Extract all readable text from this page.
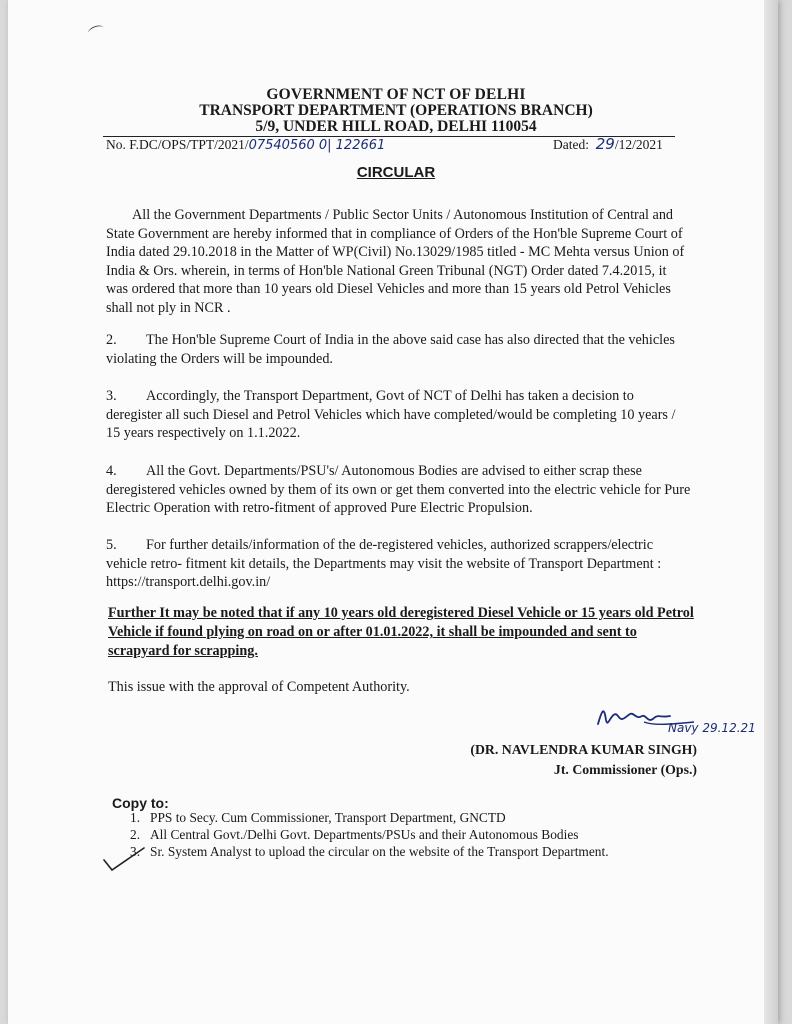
GOVERNMENT OF NCT OF DELHI
TRANSPORT DEPARTMENT (OPERATIONS BRANCH)
5/9, UNDER HILL ROAD, DELHI 110054
No. F.DC/OPS/TPT/2021/07540560 0| 122661	Dated: 29/12/2021
CIRCULAR
All the Government Departments / Public Sector Units / Autonomous Institution of Central and State Government are hereby informed that in compliance of Orders of the Hon'ble Supreme Court of India dated 29.10.2018 in the Matter of WP(Civil) No.13029/1985 titled - MC Mehta versus Union of India & Ors. wherein, in terms of Hon'ble National Green Tribunal (NGT) Order dated 7.4.2015, it was ordered that more than 10 years old Diesel Vehicles and more than 15 years old Petrol Vehicles shall not ply in NCR .
2. The Hon'ble Supreme Court of India in the above said case has also directed that the vehicles violating the Orders will be impounded.
3. Accordingly, the Transport Department, Govt of NCT of Delhi has taken a decision to deregister all such Diesel and Petrol Vehicles which have completed/would be completing 10 years / 15 years respectively on 1.1.2022.
4. All the Govt. Departments/PSU's/ Autonomous Bodies are advised to either scrap these deregistered vehicles owned by them of its own or get them converted into the electric vehicle for Pure Electric Operation with retro-fitment of approved Pure Electric Propulsion.
5. For further details/information of the de-registered vehicles, authorized scrappers/electric vehicle retro- fitment kit details, the Departments may visit the website of Transport Department : https://transport.delhi.gov.in/
Further It may be noted that if any 10 years old deregistered Diesel Vehicle or 15 years old Petrol Vehicle if found plying on road on or after 01.01.2022, it shall be impounded and sent to scrapyard for scrapping.
This issue with the approval of Competent Authority.
Navy 29.12.21
(DR. NAVLENDRA KUMAR SINGH)
Jt. Commissioner (Ops.)
Copy to:
1. PPS to Secy. Cum Commissioner, Transport Department, GNCTD
2. All Central Govt./Delhi Govt. Departments/PSUs and their Autonomous Bodies
3. Sr. System Analyst to upload the circular on the website of the Transport Department.
